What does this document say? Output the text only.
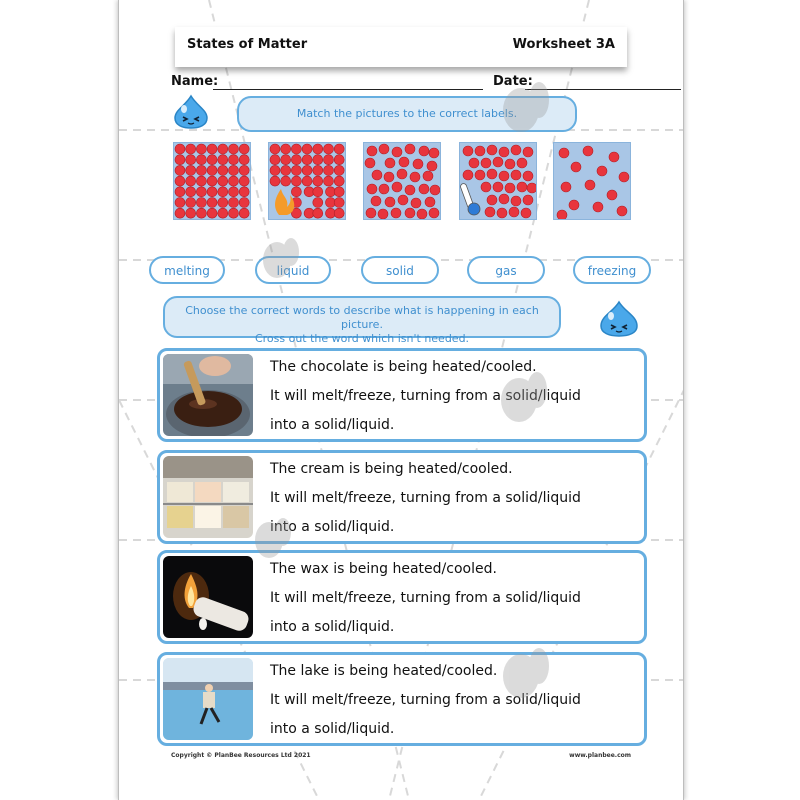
States of Matter	Worksheet 3A
Name:	Date:
Match the pictures to the correct labels.
melting	liquid	solid	gas	freezing
Choose the correct words to describe what is happening in each picture.
Cross out the word which isn't needed.
The chocolate is being heated/cooled.
It will melt/freeze, turning from a solid/liquid
into a solid/liquid.
The cream is being heated/cooled.
It will melt/freeze, turning from a solid/liquid
into a solid/liquid.
The wax is being heated/cooled.
It will melt/freeze, turning from a solid/liquid
into a solid/liquid.
The lake is being heated/cooled.
It will melt/freeze, turning from a solid/liquid
into a solid/liquid.
Copyright © PlanBee Resources Ltd 2021	www.planbee.com
